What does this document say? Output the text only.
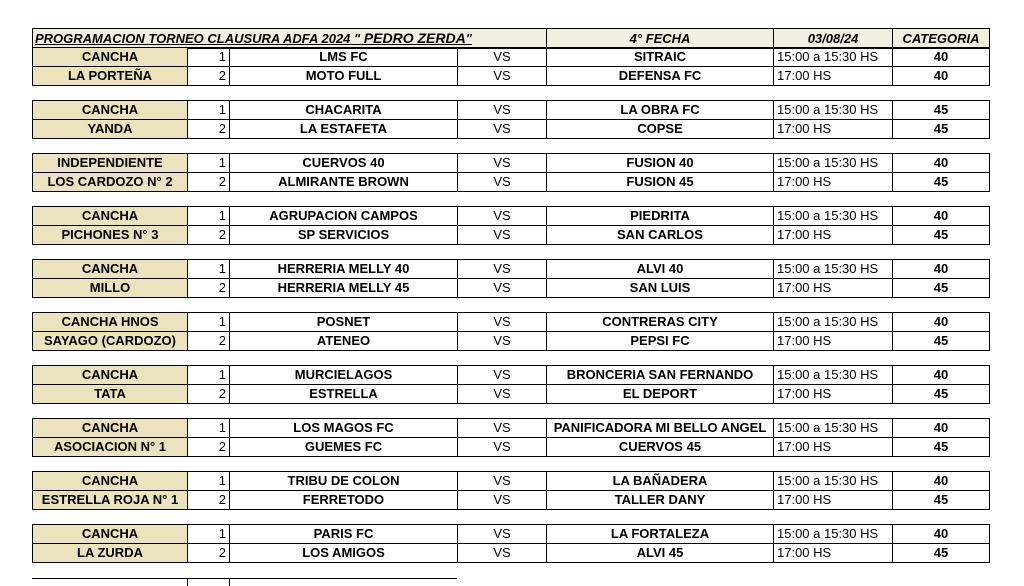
PROGRAMACION TORNEO CLAUSURA ADFA 2024 " PEDRO ZERDA"	4° FECHA	03/08/24	CATEGORIA
CANCHA	1	LMS FC	VS	SITRAIC	15:00 a 15:30 HS	40
LA PORTEÑA	2	MOTO FULL	VS	DEFENSA FC	17:00 HS	40
CANCHA	1	CHACARITA	VS	LA OBRA FC	15:00 a 15:30 HS	45
YANDA	2	LA ESTAFETA	VS	COPSE	17:00 HS	45
INDEPENDIENTE	1	CUERVOS 40	VS	FUSION 40	15:00 a 15:30 HS	40
LOS CARDOZO N° 2	2	ALMIRANTE BROWN	VS	FUSION 45	17:00 HS	45
CANCHA	1	AGRUPACION CAMPOS	VS	PIEDRITA	15:00 a 15:30 HS	40
PICHONES N° 3	2	SP SERVICIOS	VS	SAN CARLOS	17:00 HS	45
CANCHA	1	HERRERIA MELLY 40	VS	ALVI 40	15:00 a 15:30 HS	40
MILLO	2	HERRERIA MELLY 45	VS	SAN LUIS	17:00 HS	45
CANCHA HNOS	1	POSNET	VS	CONTRERAS CITY	15:00 a 15:30 HS	40
SAYAGO (CARDOZO)	2	ATENEO	VS	PEPSI FC	17:00 HS	45
CANCHA	1	MURCIELAGOS	VS	BRONCERIA SAN FERNANDO	15:00 a 15:30 HS	40
TATA	2	ESTRELLA	VS	EL DEPORT	17:00 HS	45
CANCHA	1	LOS MAGOS FC	VS	PANIFICADORA MI BELLO ANGEL	15:00 a 15:30 HS	40
ASOCIACION N° 1	2	GUEMES FC	VS	CUERVOS 45	17:00 HS	45
CANCHA	1	TRIBU DE COLON	VS	LA BAÑADERA	15:00 a 15:30 HS	40
ESTRELLA ROJA N° 1	2	FERRETODO	VS	TALLER DANY	17:00 HS	45
CANCHA	1	PARIS FC	VS	LA FORTALEZA	15:00 a 15:30 HS	40
LA ZURDA	2	LOS AMIGOS	VS	ALVI 45	17:00 HS	45
